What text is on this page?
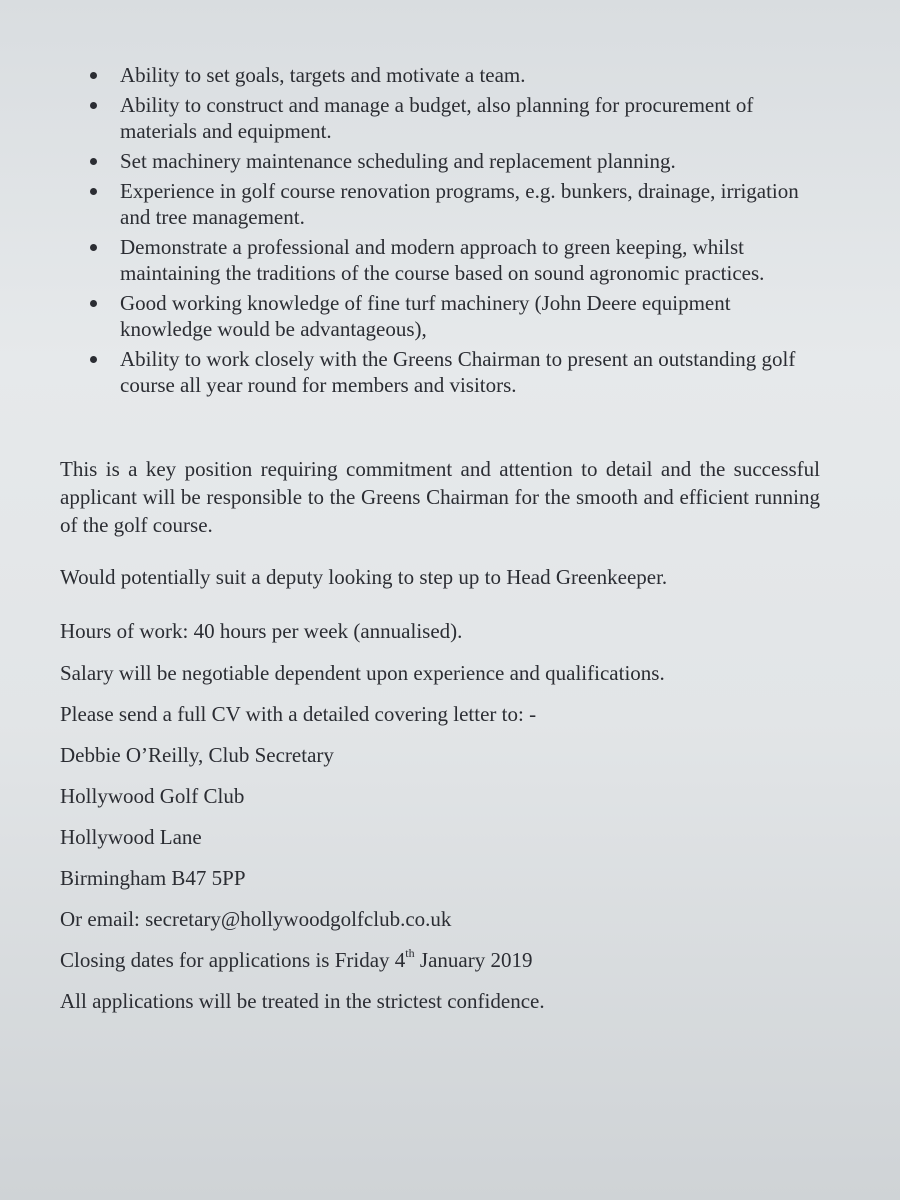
Ability to set goals, targets and motivate a team.
Ability to construct and manage a budget, also planning for procurement of materials and equipment.
Set machinery maintenance scheduling and replacement planning.
Experience in golf course renovation programs, e.g. bunkers, drainage, irrigation and tree management.
Demonstrate a professional and modern approach to green keeping, whilst maintaining the traditions of the course based on sound agronomic practices.
Good working knowledge of fine turf machinery (John Deere equipment knowledge would be advantageous),
Ability to work closely with the Greens Chairman to present an outstanding golf course all year round for members and visitors.

This is a key position requiring commitment and attention to detail and the successful applicant will be responsible to the Greens Chairman for the smooth and efficient running of the golf course.

Would potentially suit a deputy looking to step up to Head Greenkeeper.

Hours of work: 40 hours per week (annualised).

Salary will be negotiable dependent upon experience and qualifications.

Please send a full CV with a detailed covering letter to: -

Debbie O’Reilly, Club Secretary

Hollywood Golf Club

Hollywood Lane

Birmingham B47 5PP

Or email: secretary@hollywoodgolfclub.co.uk

Closing dates for applications is Friday 4th January 2019

All applications will be treated in the strictest confidence.
